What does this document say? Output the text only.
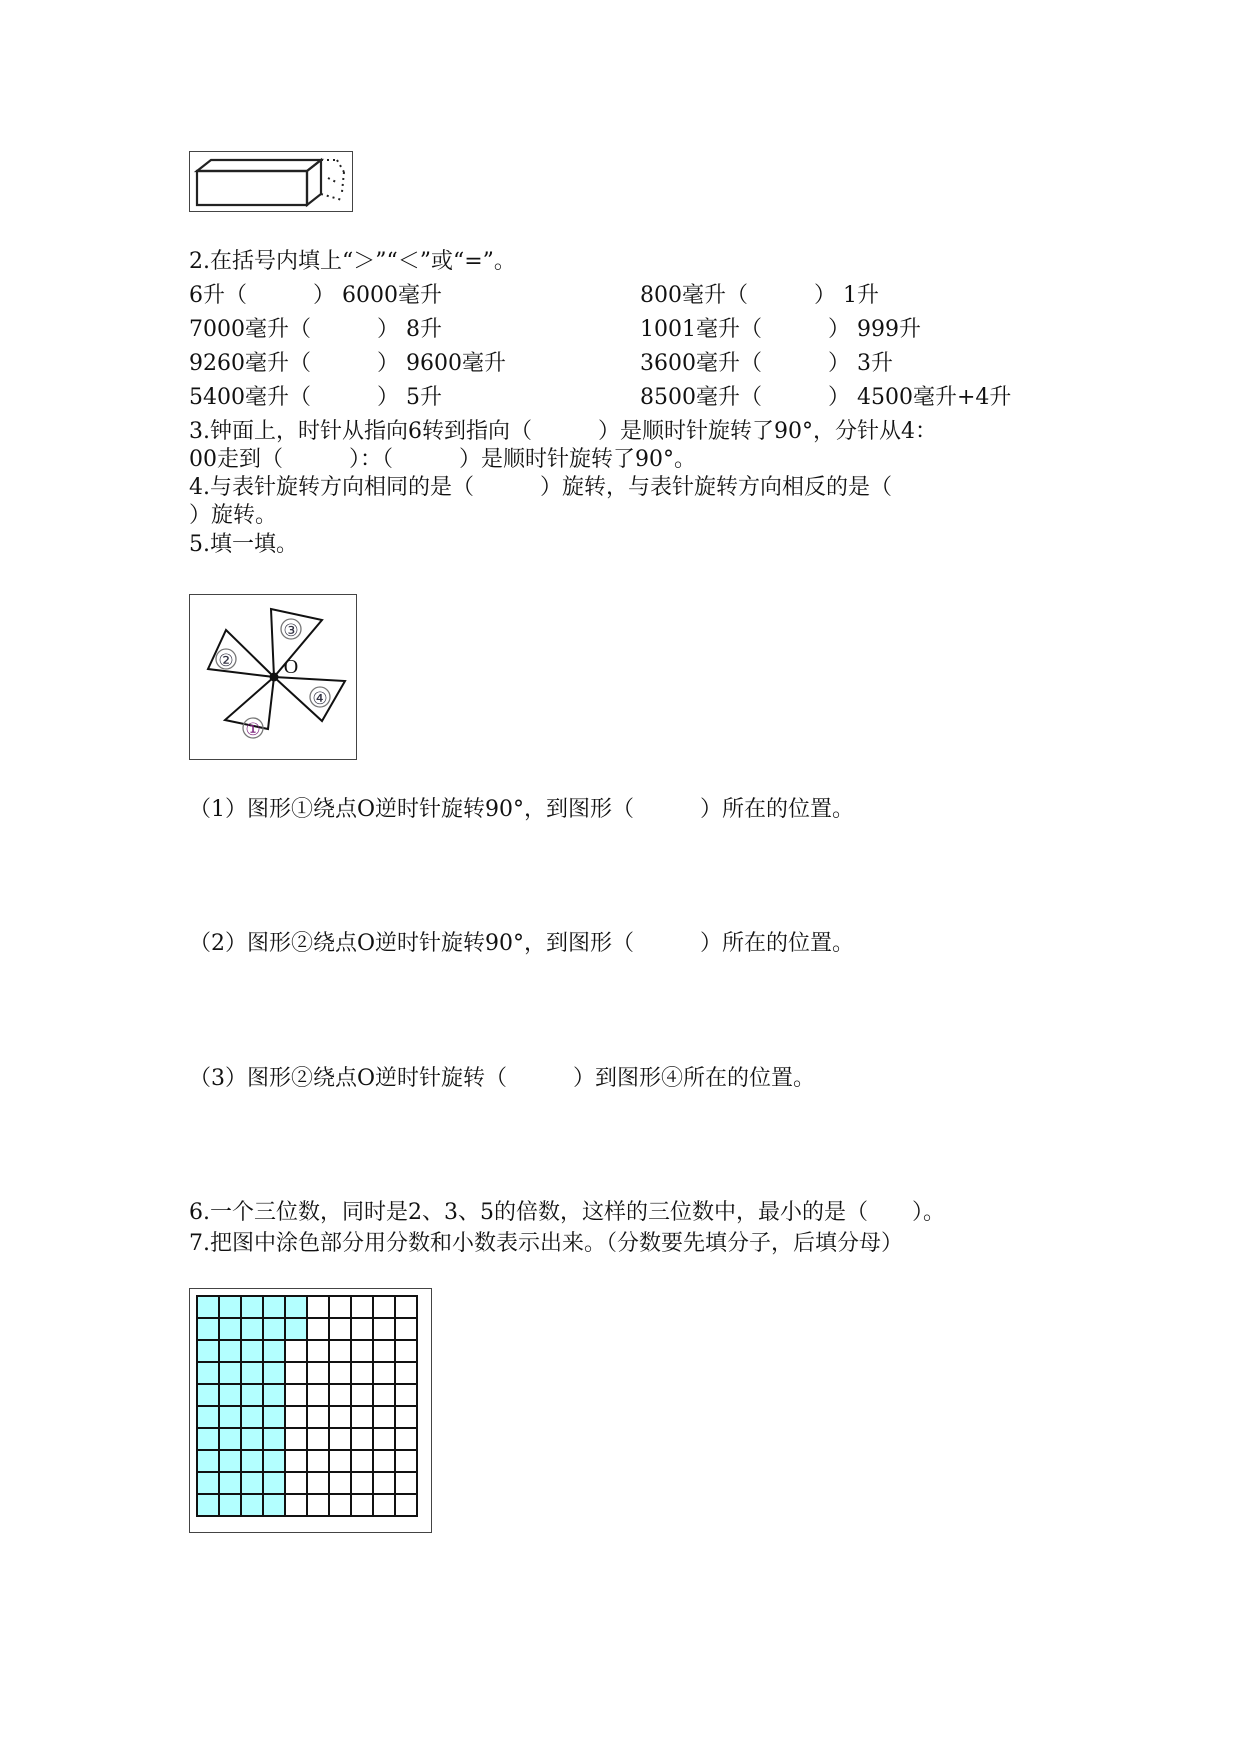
2.在括号内填上“＞”“＜”或“=”。
6升（　　　） 6000毫升	800毫升（　　　） 1升
7000毫升（　　　） 8升	1001毫升（　　　） 999升
9260毫升（　　　） 9600毫升	3600毫升（　　　） 3升
5400毫升（　　　） 5升	8500毫升（　　　） 4500毫升+4升
3.钟面上，时针从指向6转到指向（　　　）是顺时针旋转了90°，分针从4：
00走到（　　　）：（　　　）是顺时针旋转了90°。
4.与表针旋转方向相同的是（　　　）旋转，与表针旋转方向相反的是（
）旋转。
5.填一填。
②
③
④
①
O
（1）图形①绕点O逆时针旋转90°，到图形（　　　）所在的位置。
（2）图形②绕点O逆时针旋转90°，到图形（　　　）所在的位置。
（3）图形②绕点O逆时针旋转（　　　）到图形④所在的位置。
6.一个三位数，同时是2、3、5的倍数，这样的三位数中，最小的是（　　）。
7.把图中涂色部分用分数和小数表示出来。（分数要先填分子，后填分母）
